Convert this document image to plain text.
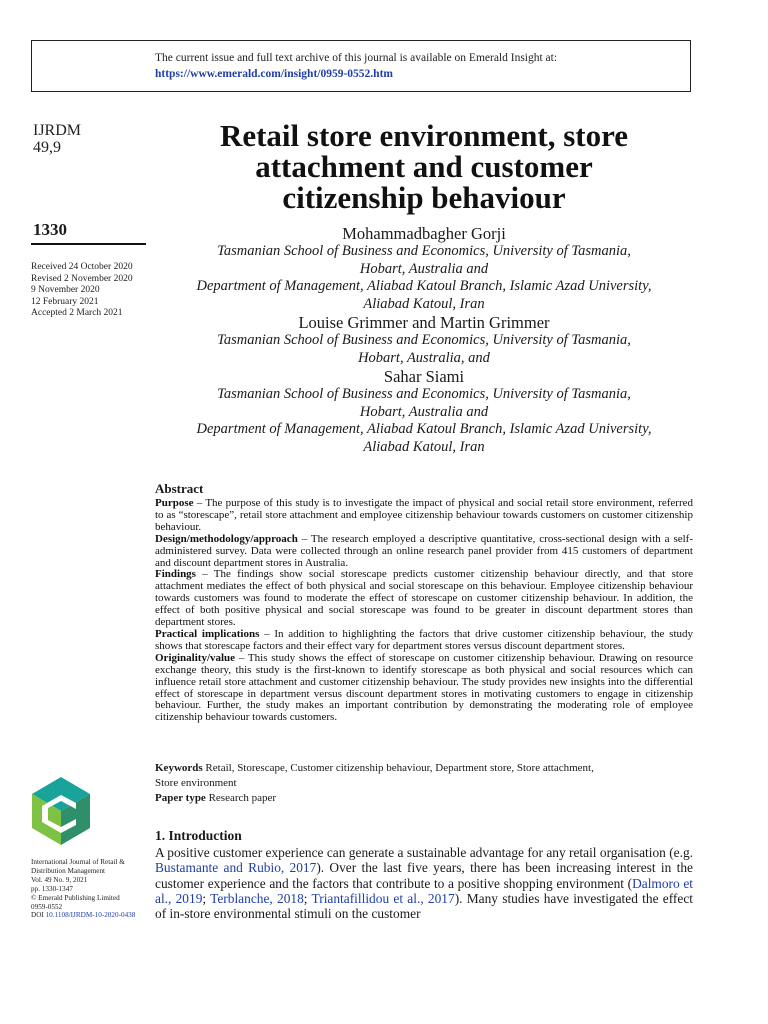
The current issue and full text archive of this journal is available on Emerald Insight at:
https://www.emerald.com/insight/0959-0552.htm
IJRDM
49,9
1330
Received 24 October 2020
Revised 2 November 2020
9 November 2020
12 February 2021
Accepted 2 March 2021
International Journal of Retail &
Distribution Management
Vol. 49 No. 9, 2021
pp. 1330-1347
© Emerald Publishing Limited
0959-0552
DOI 10.1108/IJRDM-10-2020-0438
Retail store environment, store
attachment and customer
citizenship behaviour
Mohammadbagher Gorji
Tasmanian School of Business and Economics, University of Tasmania,
Hobart, Australia and
Department of Management, Aliabad Katoul Branch, Islamic Azad University,
Aliabad Katoul, Iran
Louise Grimmer and Martin Grimmer
Tasmanian School of Business and Economics, University of Tasmania,
Hobart, Australia, and
Sahar Siami
Tasmanian School of Business and Economics, University of Tasmania,
Hobart, Australia and
Department of Management, Aliabad Katoul Branch, Islamic Azad University,
Aliabad Katoul, Iran
Abstract

Purpose – The purpose of this study is to investigate the impact of physical and social retail store environment, referred to as “storescape”, retail store attachment and employee citizenship behaviour towards customers on customer citizenship behaviour.

Design/methodology/approach – The research employed a descriptive quantitative, cross-sectional design with a self-administered survey. Data were collected through an online research panel provider from 415 customers of department and discount department stores in Australia.

Findings – The findings show social storescape predicts customer citizenship behaviour directly, and that store attachment mediates the effect of both physical and social storescape on this behaviour. Employee citizenship behaviour towards customers was found to moderate the effect of storescape on customer citizenship behaviour. In addition, the effect of both positive physical and social storescape was found to be greater in discount department stores than department stores.

Practical implications – In addition to highlighting the factors that drive customer citizenship behaviour, the study shows that storescape factors and their effect vary for department stores versus discount department stores.

Originality/value – This study shows the effect of storescape on customer citizenship behaviour. Drawing on resource exchange theory, this study is the first-known to identify storescape as both physical and social resources which can influence retail store attachment and customer citizenship behaviour. The study provides new insights into the differential effect of storescape in department versus discount department stores in motivating customers to engage in citizenship behaviour. Further, the study makes an important contribution by demonstrating the moderating role of employee citizenship behaviour towards customers.

Keywords Retail, Storescape, Customer citizenship behaviour, Department store, Store attachment,
Store environment
Paper type Research paper
1. Introduction
A positive customer experience can generate a sustainable advantage for any retail organisation (e.g. Bustamante and Rubio, 2017). Over the last five years, there has been increasing interest in the customer experience and the factors that contribute to a positive shopping environment (Dalmoro et al., 2019; Terblanche, 2018; Triantafillidou et al., 2017). Many studies have investigated the effect of in-store environmental stimuli on the customer
